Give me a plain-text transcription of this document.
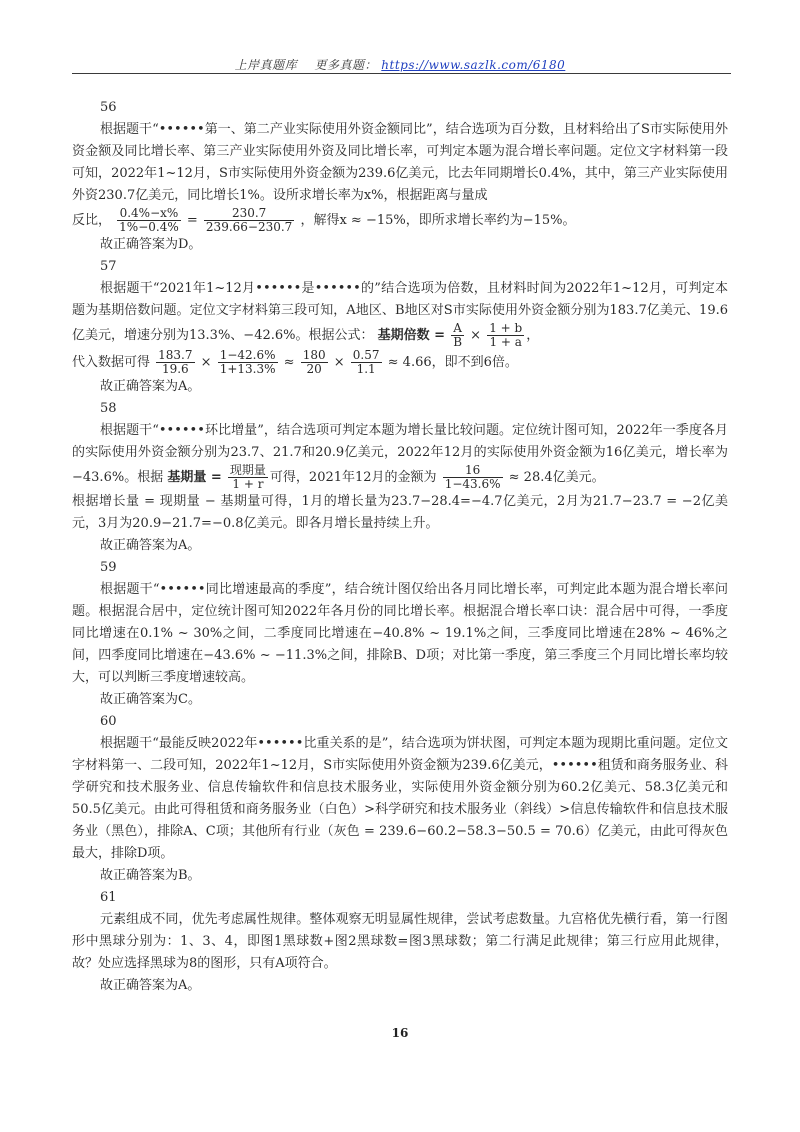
上岸真题库 更多真题： https://www.sazlk.com/6180

56

根据题干“••••••第一、第二产业实际使用外资金额同比”，结合选项为百分数，且材料给出了S市实际使用外资金额及同比增长率、第三产业实际使用外资及同比增长率，可判定本题为混合增长率问题。定位文字材料第一段可知，2022年1~12月，S市实际使用外资金额为239.6亿美元，比去年同期增长0.4%，其中，第三产业实际使用外资230.7亿美元，同比增长1%。设所求增长率为x%，根据距离与量成

反比， $\frac{0.4\%-x\%}{1\%-0.4\%} = \frac{230.7}{239.66-230.7}$ ，解得x ≈ −15%，即所求增长率约为−15%。

故正确答案为D。

57

根据题干“2021年1~12月••••••是••••••的”结合选项为倍数，且材料时间为2022年1~12月，可判定本题为基期倍数问题。定位文字材料第三段可知，A地区、B地区对S市实际使用外资金额分别为183.7亿美元、19.6亿美元，增速分别为13.3%、−42.6%。根据公式： 基期倍数 = $\frac{A}{B} \times \frac{1 + b}{1 + a}$ ，

代入数据可得 $\frac{183.7}{19.6} \times \frac{1-42.6\%}{1+13.3\%} \approx \frac{180}{20} \times \frac{0.57}{1.1} \approx 4.66$，即不到6倍。

故正确答案为A。

58

根据题干“••••••环比增量”，结合选项可判定本题为增长量比较问题。定位统计图可知，2022年一季度各月的实际使用外资金额分别为23.7、21.7和20.9亿美元，2022年12月的实际使用外资金额为16亿美元，增长率为−43.6%。根据 基期量 = $\frac{\text{现期量}}{1 + r}$ 可得，2021年12月的金额为 $\frac{16}{1-43.6\%} \approx 28.4$亿美元。

根据增长量 = 现期量 − 基期量可得，1月的增长量为23.7−28.4=−4.7亿美元，2月为21.7−23.7 = −2亿美元，3月为20.9−21.7=−0.8亿美元。即各月增长量持续上升。

故正确答案为A。

59

根据题干“••••••同比增速最高的季度”，结合统计图仅给出各月同比增长率，可判定此本题为混合增长率问题。根据混合居中，定位统计图可知2022年各月份的同比增长率。根据混合增长率口诀：混合居中可得，一季度同比增速在0.1% ~ 30%之间，二季度同比增速在−40.8% ~ 19.1%之间，三季度同比增速在28% ~ 46%之间，四季度同比增速在−43.6% ~ −11.3%之间，排除B、D项；对比第一季度，第三季度三个月同比增长率均较大，可以判断三季度增速较高。

故正确答案为C。

60

根据题干“最能反映2022年••••••比重关系的是”，结合选项为饼状图，可判定本题为现期比重问题。定位文字材料第一、二段可知，2022年1~12月，S市实际使用外资金额为239.6亿美元，••••••租赁和商务服务业、科学研究和技术服务业、信息传输软件和信息技术服务业，实际使用外资金额分别为60.2亿美元、58.3亿美元和50.5亿美元。由此可得租赁和商务服务业（白色）>科学研究和技术服务业（斜线）>信息传输软件和信息技术服务业（黑色），排除A、C项；其他所有行业（灰色 = 239.6−60.2−58.3−50.5 = 70.6）亿美元，由此可得灰色最大，排除D项。

故正确答案为B。

61

元素组成不同，优先考虑属性规律。整体观察无明显属性规律，尝试考虑数量。九宫格优先横行看，第一行图形中黑球分别为：1、3、4，即图1黑球数+图2黑球数=图3黑球数；第二行满足此规律；第三行应用此规律，故？处应选择黑球为8的图形，只有A项符合。

故正确答案为A。

16
